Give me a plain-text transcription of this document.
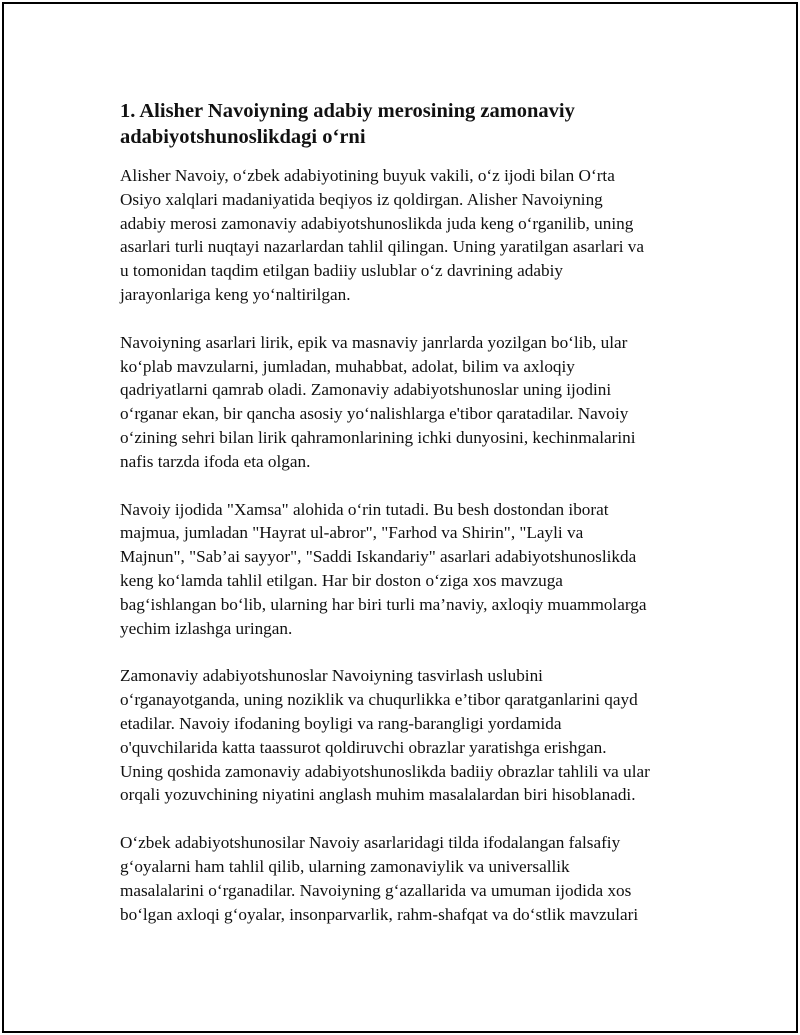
1. Alisher Navoiyning adabiy merosining zamonaviy
adabiyotshunoslikdagi o‘rni

Alisher Navoiy, o‘zbek adabiyotining buyuk vakili, o‘z ijodi bilan O‘rta
Osiyo xalqlari madaniyatida beqiyos iz qoldirgan. Alisher Navoiyning
adabiy merosi zamonaviy adabiyotshunoslikda juda keng o‘rganilib, uning
asarlari turli nuqtayi nazarlardan tahlil qilingan. Uning yaratilgan asarlari va
u tomonidan taqdim etilgan badiiy uslublar o‘z davrining adabiy
jarayonlariga keng yo‘naltirilgan.

Navoiyning asarlari lirik, epik va masnaviy janrlarda yozilgan bo‘lib, ular
ko‘plab mavzularni, jumladan, muhabbat, adolat, bilim va axloqiy
qadriyatlarni qamrab oladi. Zamonaviy adabiyotshunoslar uning ijodini
o‘rganar ekan, bir qancha asosiy yo‘nalishlarga e'tibor qaratadilar. Navoiy
o‘zining sehri bilan lirik qahramonlarining ichki dunyosini, kechinmalarini
nafis tarzda ifoda eta olgan.

Navoiy ijodida "Xamsa" alohida o‘rin tutadi. Bu besh dostondan iborat
majmua, jumladan "Hayrat ul-abror", "Farhod va Shirin", "Layli va
Majnun", "Sab’ai sayyor", "Saddi Iskandariy" asarlari adabiyotshunoslikda
keng ko‘lamda tahlil etilgan. Har bir doston o‘ziga xos mavzuga
bag‘ishlangan bo‘lib, ularning har biri turli ma’naviy, axloqiy muammolarga
yechim izlashga uringan.

Zamonaviy adabiyotshunoslar Navoiyning tasvirlash uslubini
o‘rganayotganda, uning noziklik va chuqurlikka e’tibor qaratganlarini qayd
etadilar. Navoiy ifodaning boyligi va rang-barangligi yordamida
o'quvchilarida katta taassurot qoldiruvchi obrazlar yaratishga erishgan.
Uning qoshida zamonaviy adabiyotshunoslikda badiiy obrazlar tahlili va ular
orqali yozuvchining niyatini anglash muhim masalalardan biri hisoblanadi.

O‘zbek adabiyotshunosilar Navoiy asarlaridagi tilda ifodalangan falsafiy
g‘oyalarni ham tahlil qilib, ularning zamonaviylik va universallik
masalalarini o‘rganadilar. Navoiyning g‘azallarida va umuman ijodida xos
bo‘lgan axloqi g‘oyalar, insonparvarlik, rahm-shafqat va do‘stlik mavzulari
